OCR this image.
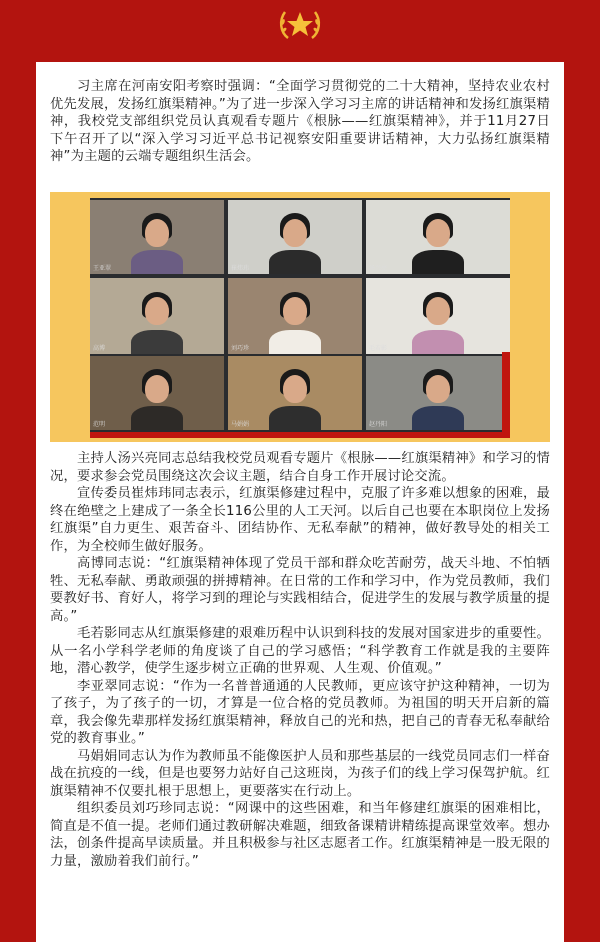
习主席在河南安阳考察时强调：“全面学习贯彻党的二十大精神，坚持农业农村优先发展，发扬红旗渠精神。”为了进一步深入学习习主席的讲话精神和发扬红旗渠精神，我校党支部组织党员认真观看专题片《根脉——红旗渠精神》，并于11月27日下午召开了以“深入学习习近平总书记视察安阳重要讲话精神，大力弘扬红旗渠精神”为主题的云端专题组织生活会。

王亚翠	崔炜玮	汤兴亮
高博	刘巧珍	毛若影
范明	马娟娟	赵丹阳

主持人汤兴亮同志总结我校党员观看专题片《根脉——红旗渠精神》和学习的情况，要求参会党员围绕这次会议主题，结合自身工作开展讨论交流。

宣传委员崔炜玮同志表示，红旗渠修建过程中，克服了许多难以想象的困难，最终在绝壁之上建成了一条全长116公里的人工天河。以后自己也要在本职岗位上发扬红旗渠”自力更生、艰苦奋斗、团结协作、无私奉献”的精神，做好教导处的相关工作，为全校师生做好服务。

高博同志说：“红旗渠精神体现了党员干部和群众吃苦耐劳，战天斗地、不怕牺牲、无私奉献、勇敢顽强的拼搏精神。在日常的工作和学习中，作为党员教师，我们要教好书、育好人，将学习到的理论与实践相结合，促进学生的发展与教学质量的提高。”

毛若影同志从红旗渠修建的艰难历程中认识到科技的发展对国家进步的重要性。从一名小学科学老师的角度谈了自己的学习感悟；“科学教育工作就是我的主要阵地，潜心教学，使学生逐步树立正确的世界观、人生观、价值观。”

李亚翠同志说：“作为一名普普通通的人民教师，更应该守护这种精神，一切为了孩子，为了孩子的一切，才算是一位合格的党员教师。为祖国的明天开启新的篇章，我会像先辈那样发扬红旗渠精神，释放自己的光和热，把自己的青春无私奉献给党的教育事业。”

马娟娟同志认为作为教师虽不能像医护人员和那些基层的一线党员同志们一样奋战在抗疫的一线，但是也要努力站好自己这班岗，为孩子们的线上学习保驾护航。红旗渠精神不仅要扎根于思想上，更要落实在行动上。

组织委员刘巧珍同志说：“网课中的这些困难，和当年修建红旗渠的困难相比，简直是不值一提。老师们通过教研解决难题，细致备课精讲精练提高课堂效率。想办法，创条件提高早读质量。并且积极参与社区志愿者工作。红旗渠精神是一股无限的力量，激励着我们前行。”
